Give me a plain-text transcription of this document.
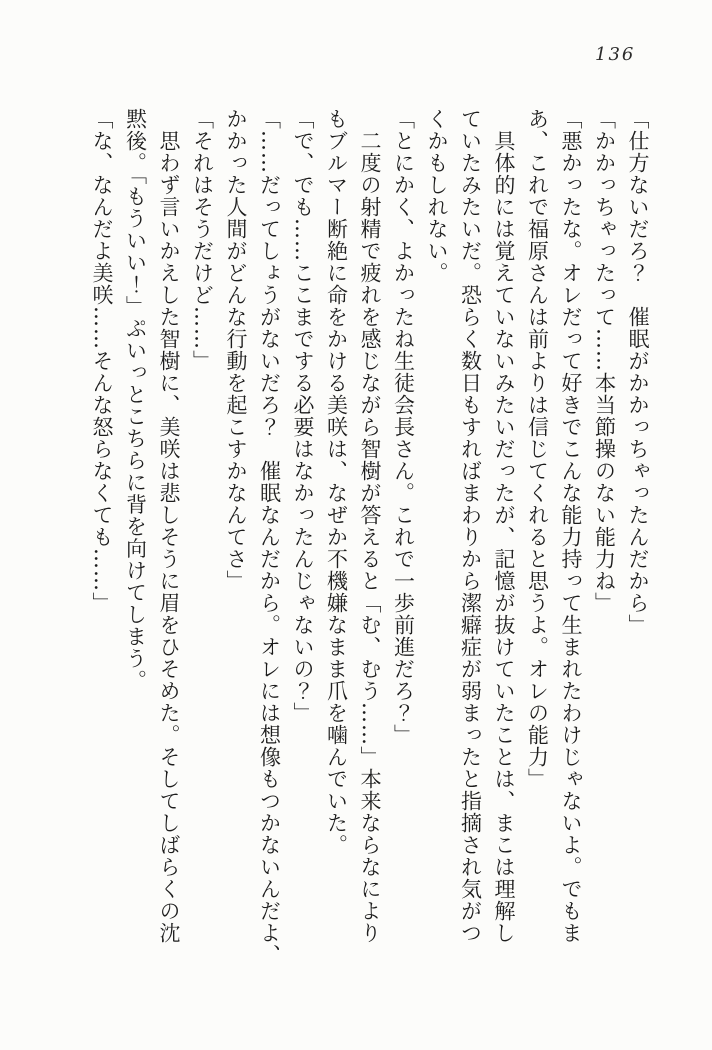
136
「仕方ないだろ？　催眠がかかっちゃったんだから」
「かかっちゃったって……本当節操のない能力ね」
「悪かったな。オレだって好きでこんな能力持って生まれたわけじゃないよ。でもま
あ、これで福原さんは前よりは信じてくれると思うよ。オレの能力」
具体的には覚えていないみたいだったが、記憶が抜けていたことは、まこは理解し
ていたみたいだ。恐らく数日もすればまわりから潔癖症が弱まったと指摘され気がつ
くかもしれない。
「とにかく、よかったね生徒会長さん。これで一歩前進だろ？」
二度の射精で疲れを感じながら智樹が答えると「む、むう……」本来ならなにより
もブルマー断絶に命をかける美咲は、なぜか不機嫌なまま爪を噛んでいた。
「で、でも……ここまでする必要はなかったんじゃないの？」
「……だってしょうがないだろ？　催眠なんだから。オレには想像もつかないんだよ、
かかった人間がどんな行動を起こすかなんてさ」
「それはそうだけど……」
思わず言いかえした智樹に、美咲は悲しそうに眉をひそめた。そしてしばらくの沈
黙後。「もういい！」ぷいっとこちらに背を向けてしまう。
「な、なんだよ美咲……そんな怒らなくても……」
